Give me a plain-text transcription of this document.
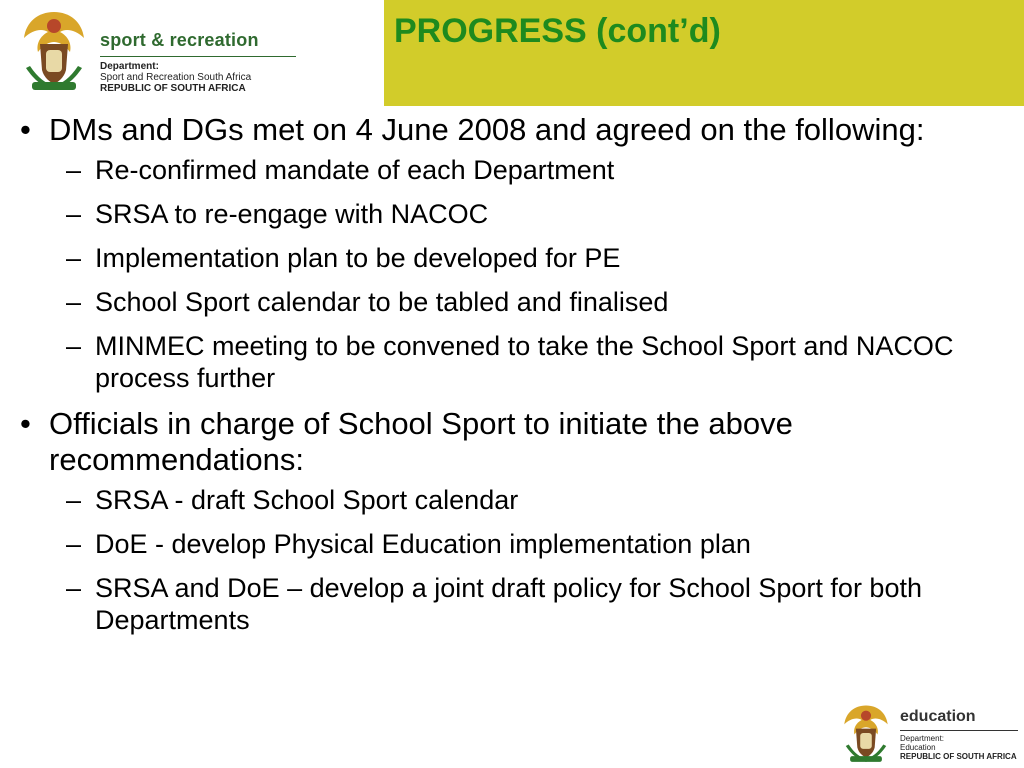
sport & recreation
Department:
Sport and Recreation South Africa
REPUBLIC OF SOUTH AFRICA
PROGRESS (cont’d)
• DMs and DGs met on 4 June 2008 and agreed on the following:
– Re-confirmed mandate of each Department
– SRSA to re-engage with NACOC
– Implementation plan to be developed for PE
– School Sport calendar to be tabled and finalised
– MINMEC meeting to be convened to take the School Sport and NACOC process further
• Officials in charge of School Sport to initiate the above recommendations:
– SRSA - draft School Sport calendar
– DoE - develop Physical Education implementation plan
– SRSA and DoE – develop a joint draft policy for School Sport for both Departments
education
Department:
Education
REPUBLIC OF SOUTH AFRICA
